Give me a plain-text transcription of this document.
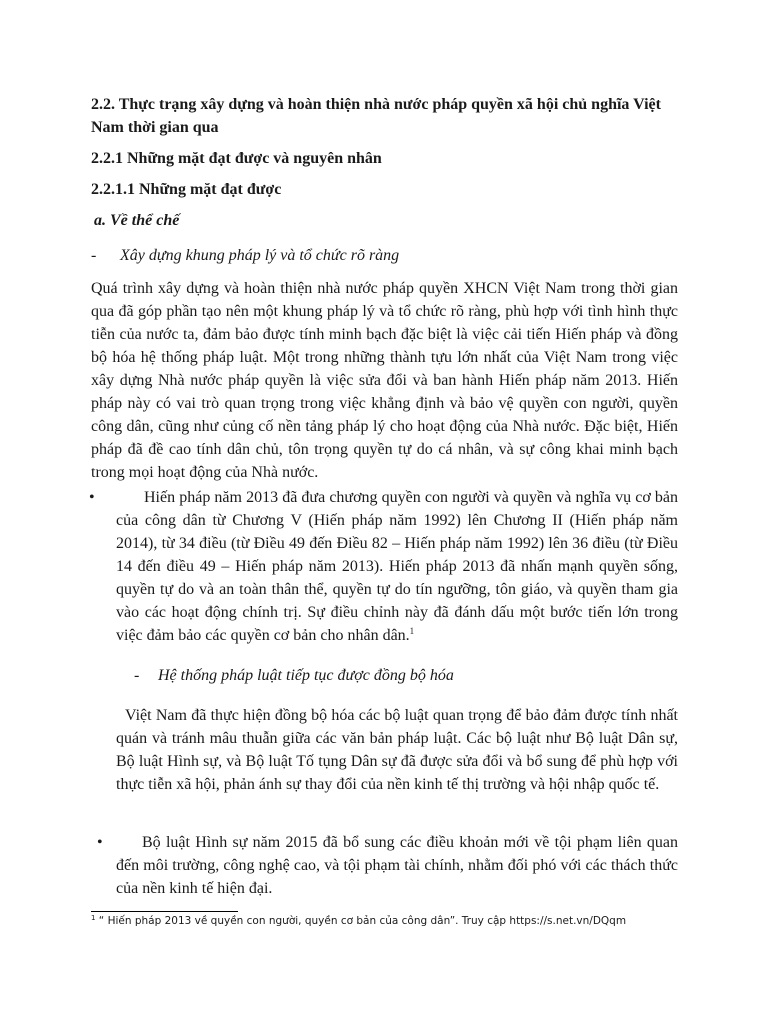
2.2. Thực trạng xây dựng và hoàn thiện nhà nước pháp quyền xã hội chủ nghĩa Việt Nam thời gian qua

2.2.1 Những mặt đạt được và nguyên nhân

2.2.1.1 Những mặt đạt được

a. Về thể chế

- Xây dựng khung pháp lý và tổ chức rõ ràng

Quá trình xây dựng và hoàn thiện nhà nước pháp quyền XHCN Việt Nam trong thời gian qua đã góp phần tạo nên một khung pháp lý và tổ chức rõ ràng, phù hợp với tình hình thực tiễn của nước ta, đảm bảo được tính minh bạch đặc biệt là việc cải tiến Hiến pháp và đồng bộ hóa hệ thống pháp luật. Một trong những thành tựu lớn nhất của Việt Nam trong việc xây dựng Nhà nước pháp quyền là việc sửa đổi và ban hành Hiến pháp năm 2013. Hiến pháp này có vai trò quan trọng trong việc khẳng định và bảo vệ quyền con người, quyền công dân, cũng như củng cố nền tảng pháp lý cho hoạt động của Nhà nước. Đặc biệt, Hiến pháp đã đề cao tính dân chủ, tôn trọng quyền tự do cá nhân, và sự công khai minh bạch trong mọi hoạt động của Nhà nước.

•	Hiến pháp năm 2013 đã đưa chương quyền con người và quyền và nghĩa vụ cơ bản của công dân từ Chương V (Hiến pháp năm 1992) lên Chương II (Hiến pháp năm 2014), từ 34 điều (từ Điều 49 đến Điều 82 – Hiến pháp năm 1992) lên 36 điều (từ Điều 14 đến điều 49 – Hiến pháp năm 2013). Hiến pháp 2013 đã nhấn mạnh quyền sống, quyền tự do và an toàn thân thể, quyền tự do tín ngưỡng, tôn giáo, và quyền tham gia vào các hoạt động chính trị. Sự điều chỉnh này đã đánh dấu một bước tiến lớn trong việc đảm bảo các quyền cơ bản cho nhân dân.$^1$

- Hệ thống pháp luật tiếp tục được đồng bộ hóa

Việt Nam đã thực hiện đồng bộ hóa các bộ luật quan trọng để bảo đảm được tính nhất quán và tránh mâu thuẫn giữa các văn bản pháp luật. Các bộ luật như Bộ luật Dân sự, Bộ luật Hình sự, và Bộ luật Tố tụng Dân sự đã được sửa đổi và bổ sung để phù hợp với thực tiễn xã hội, phản ánh sự thay đổi của nền kinh tế thị trường và hội nhập quốc tế.

•	Bộ luật Hình sự năm 2015 đã bổ sung các điều khoản mới về tội phạm liên quan đến môi trường, công nghệ cao, và tội phạm tài chính, nhằm đối phó với các thách thức của nền kinh tế hiện đại.

$^1$ “ Hiến pháp 2013 về quyền con người, quyền cơ bản của công dân”. Truy cập https://s.net.vn/DQqm
